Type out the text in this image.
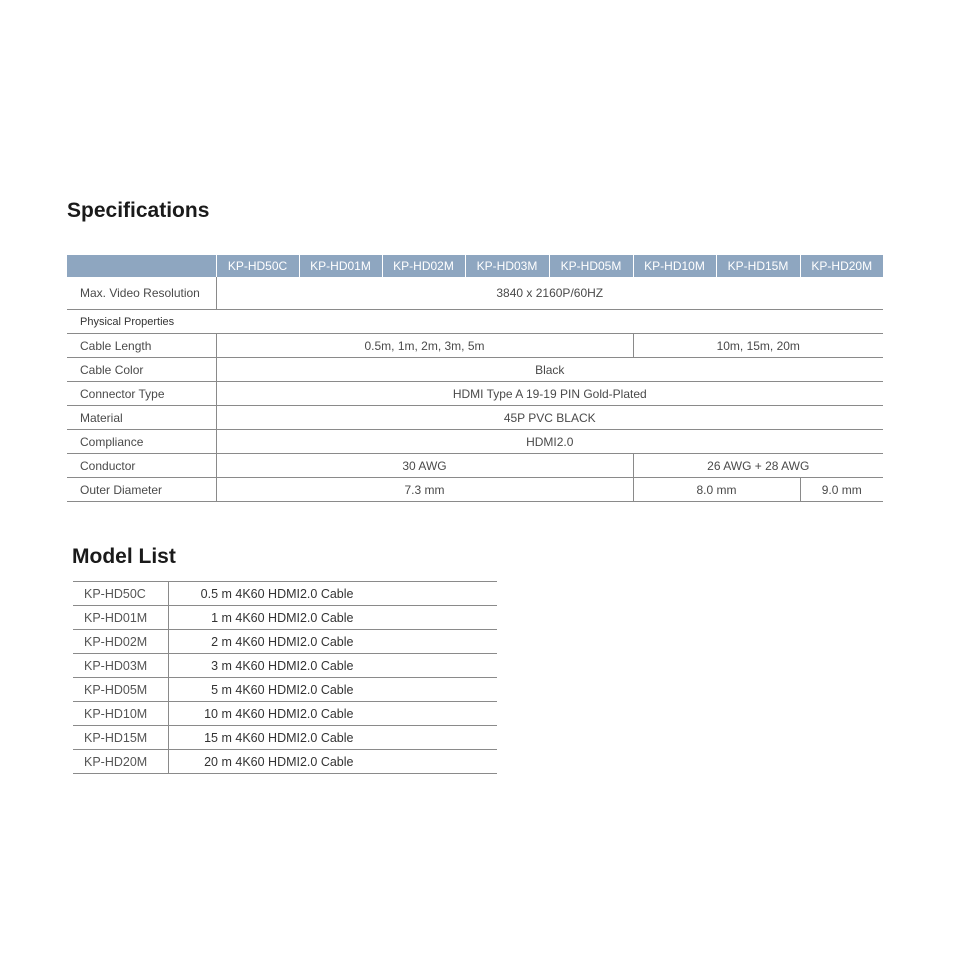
Specifications
	KP-HD50C	KP-HD01M	KP-HD02M	KP-HD03M	KP-HD05M	KP-HD10M	KP-HD15M	KP-HD20M
Max. Video Resolution	3840 x 2160P/60HZ							
Physical Properties								
Cable Length	0.5m, 1m, 2m, 3m, 5m					10m, 15m, 20m		
Cable Color	Black							
Connector Type	HDMI Type A 19-19 PIN Gold-Plated							
Material	45P PVC BLACK							
Compliance	HDMI2.0							
Conductor	30 AWG					26 AWG + 28 AWG		
Outer Diameter	7.3 mm					8.0 mm		9.0 mm
Model List
KP-HD50C	0.5 m 4K60 HDMI2.0 Cable
KP-HD01M	1 m 4K60 HDMI2.0 Cable
KP-HD02M	2 m 4K60 HDMI2.0 Cable
KP-HD03M	3 m 4K60 HDMI2.0 Cable
KP-HD05M	5 m 4K60 HDMI2.0 Cable
KP-HD10M	10 m 4K60 HDMI2.0 Cable
KP-HD15M	15 m 4K60 HDMI2.0 Cable
KP-HD20M	20 m 4K60 HDMI2.0 Cable
